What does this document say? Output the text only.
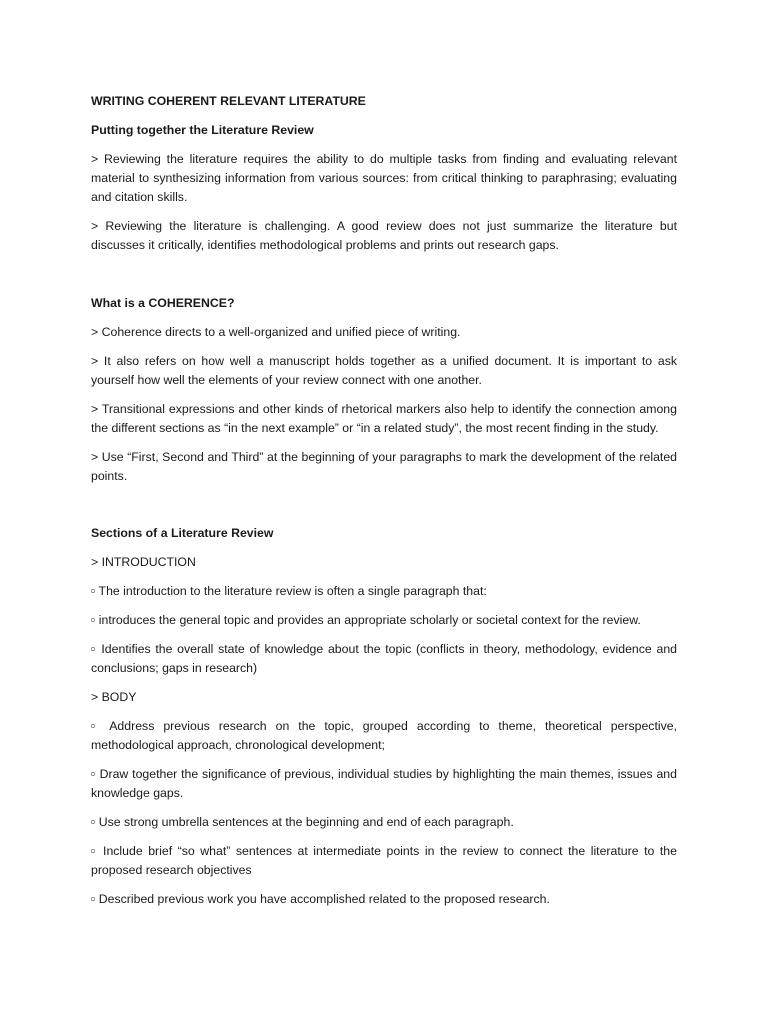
WRITING COHERENT RELEVANT LITERATURE
Putting together the Literature Review

> Reviewing the literature requires the ability to do multiple tasks from finding and evaluating relevant material to synthesizing information from various sources: from critical thinking to paraphrasing; evaluating and citation skills.

> Reviewing the literature is challenging. A good review does not just summarize the literature but discusses it critically, identifies methodological problems and prints out research gaps.

What is a COHERENCE?

> Coherence directs to a well-organized and unified piece of writing.

> It also refers on how well a manuscript holds together as a unified document. It is important to ask yourself how well the elements of your review connect with one another.

> Transitional expressions and other kinds of rhetorical markers also help to identify the connection among the different sections as “in the next example” or “in a related study”, the most recent finding in the study.

> Use “First, Second and Third” at the beginning of your paragraphs to mark the development of the related points.

Sections of a Literature Review

> INTRODUCTION

▫ The introduction to the literature review is often a single paragraph that:

▫ introduces the general topic and provides an appropriate scholarly or societal context for the review.

▫ Identifies the overall state of knowledge about the topic (conflicts in theory, methodology, evidence and conclusions; gaps in research)

> BODY

▫ Address previous research on the topic, grouped according to theme, theoretical perspective, methodological approach, chronological development;

▫ Draw together the significance of previous, individual studies by highlighting the main themes, issues and knowledge gaps.

▫ Use strong umbrella sentences at the beginning and end of each paragraph.

▫ Include brief “so what” sentences at intermediate points in the review to connect the literature to the proposed research objectives

▫ Described previous work you have accomplished related to the proposed research.
